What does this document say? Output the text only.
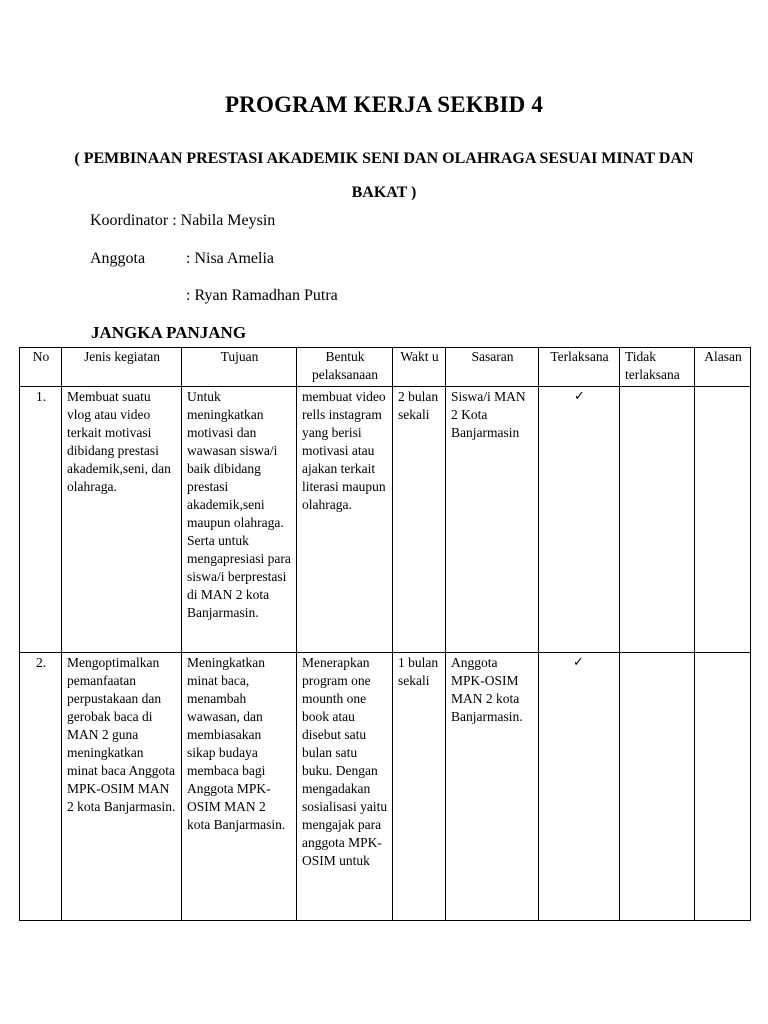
PROGRAM KERJA SEKBID 4
( PEMBINAAN PRESTASI AKADEMIK SENI DAN OLAHRAGA SESUAI MINAT DAN BAKAT )
Koordinator : Nabila Meysin
Anggota	: Nisa Amelia
: Ryan Ramadhan Putra
JANGKA PANJANG
No	Jenis kegiatan	Tujuan	Bentuk pelaksanaan	Wakt u	Sasaran	Terlaksana	Tidak terlaksana	Alasan
1.	Membuat suatu vlog atau video terkait motivasi dibidang prestasi akademik,seni, dan olahraga.	Untuk meningkatkan motivasi dan wawasan siswa/i baik dibidang prestasi akademik,seni maupun olahraga. Serta untuk mengapresiasi para siswa/i berprestasi di MAN 2 kota Banjarmasin.	membuat video rells instagram yang berisi motivasi atau ajakan terkait literasi maupun olahraga.	2 bulan sekali	Siswa/i MAN 2 Kota Banjarmasin	✓		
2.	Mengoptimalkan pemanfaatan perpustakaan dan gerobak baca di MAN 2 guna meningkatkan minat baca Anggota MPK-OSIM MAN 2 kota Banjarmasin.	Meningkatkan minat baca, menambah wawasan, dan membiasakan sikap budaya membaca bagi Anggota MPK-OSIM MAN 2 kota Banjarmasin.	Menerapkan program one mounth one book atau disebut satu bulan satu buku. Dengan mengadakan sosialisasi yaitu mengajak para anggota MPK-OSIM untuk	1 bulan sekali	Anggota MPK-OSIM MAN 2 kota Banjarmasin.	✓		
